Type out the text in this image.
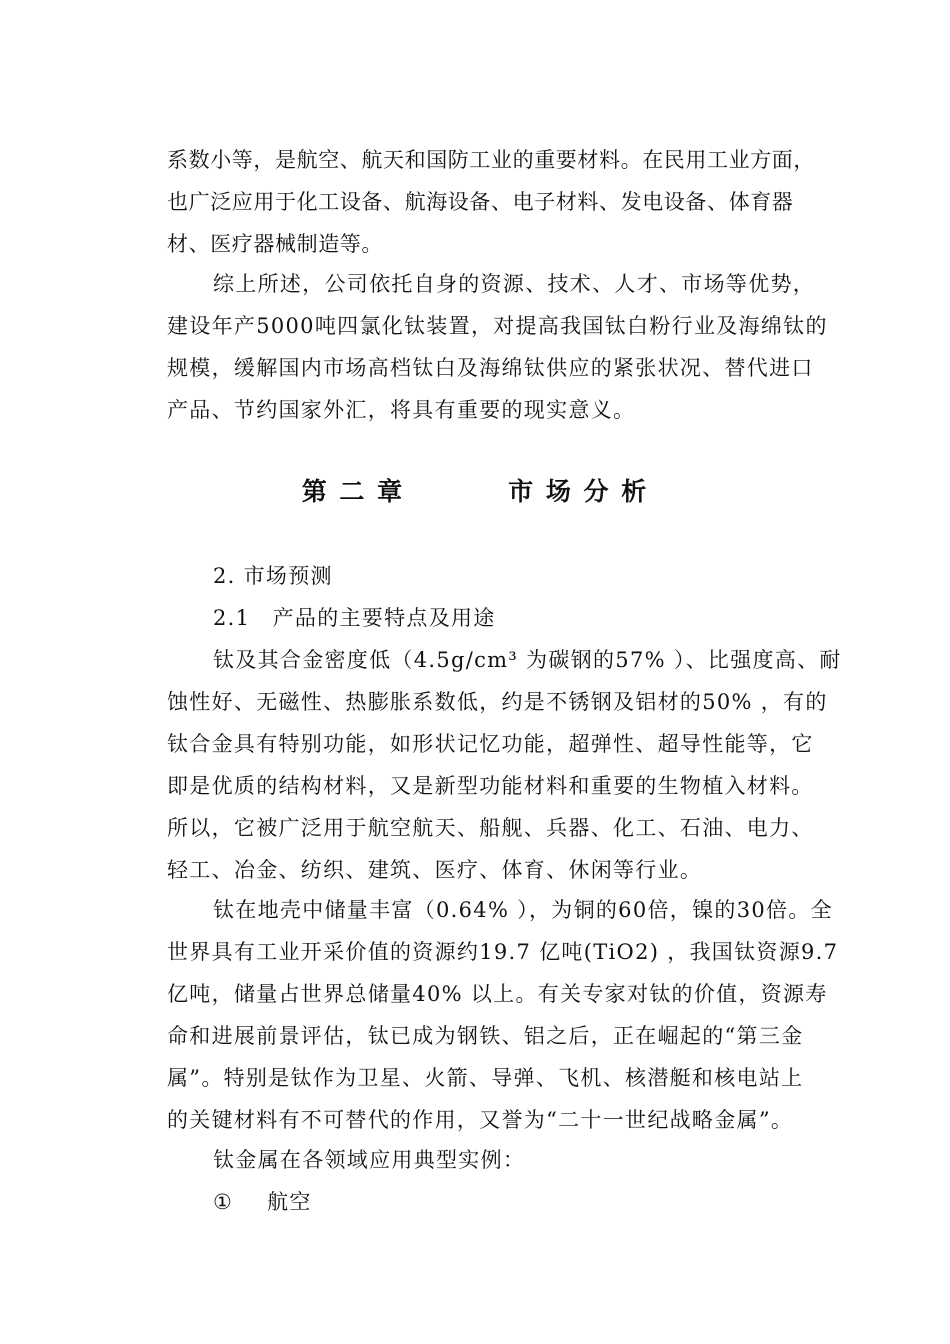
系数小等，是航空、航天和国防工业的重要材料。在民用工业方面，
也广泛应用于化工设备、航海设备、电子材料、发电设备、体育器
材、医疗器械制造等。
综上所述，公司依托自身的资源、技术、人才、市场等优势，
建设年产5000吨四氯化钛装置，对提高我国钛白粉行业及海绵钛的
规模，缓解国内市场高档钛白及海绵钛供应的紧张状况、替代进口
产品、节约国家外汇，将具有重要的现实意义。
第 二 章	市 场 分 析
2. 市场预测
2.1　产品的主要特点及用途
钛及其合金密度低（4.5g/cm³ 为碳钢的57% ）、比强度高、耐
蚀性好、无磁性、热膨胀系数低，约是不锈钢及铝材的50% ，有的
钛合金具有特别功能，如形状记忆功能，超弹性、超导性能等，它
即是优质的结构材料，又是新型功能材料和重要的生物植入材料。
所以，它被广泛用于航空航天、船舰、兵器、化工、石油、电力、
轻工、冶金、纺织、建筑、医疗、体育、休闲等行业。
钛在地壳中储量丰富（0.64% ），为铜的60倍，镍的30倍。全
世界具有工业开采价值的资源约19.7 亿吨(TiO2) ，我国钛资源9.7
亿吨，储量占世界总储量40% 以上。有关专家对钛的价值，资源寿
命和进展前景评估，钛已成为钢铁、铝之后，正在崛起的“第三金
属”。特别是钛作为卫星、火箭、导弹、飞机、核潜艇和核电站上
的关键材料有不可替代的作用，又誉为“二十一世纪战略金属”。
钛金属在各领域应用典型实例：
① 航空
